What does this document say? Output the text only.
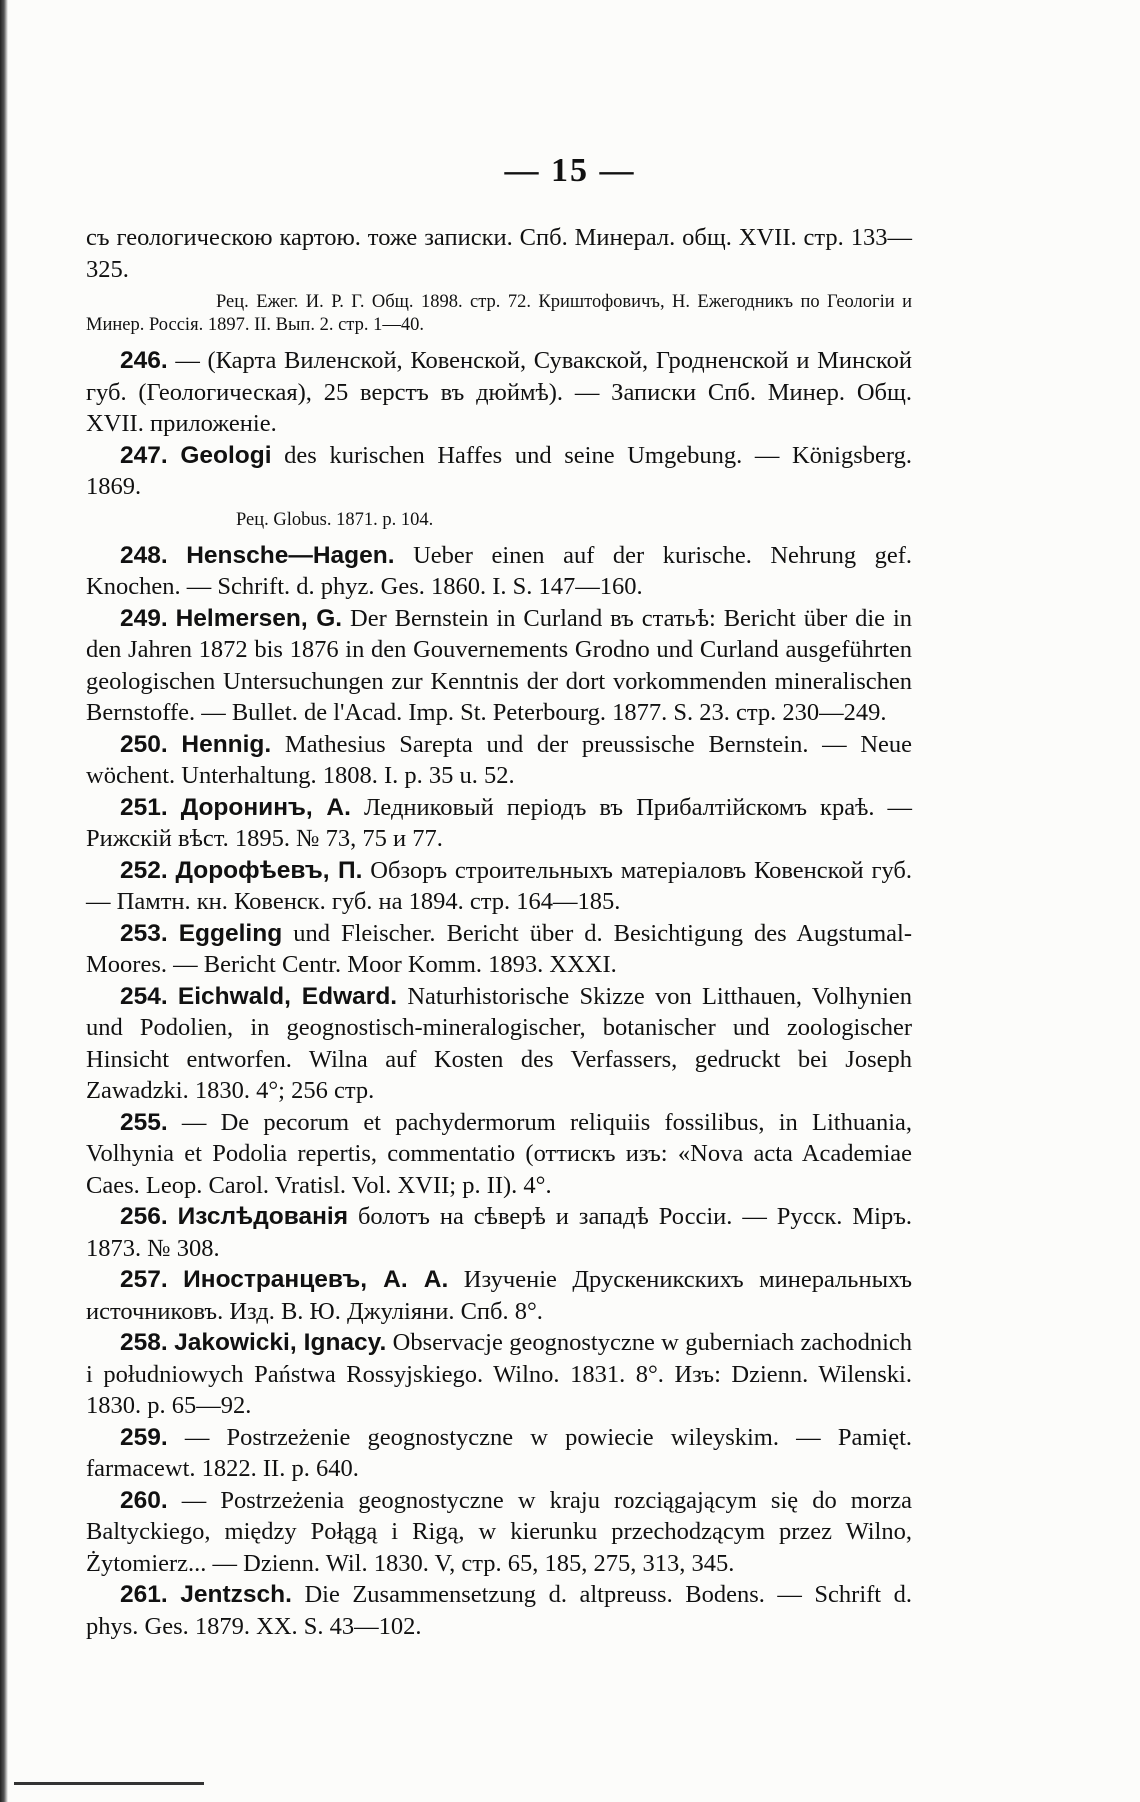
— 15 —

съ геологическою картою. тоже записки. Спб. Минерал. общ. XVII. стр. 133—325.

Рец. Ежег. И. Р. Г. Общ. 1898. стр. 72. Криштофовичъ, Н. Ежегодникъ по Геологіи и Минер. Россія. 1897. II. Вып. 2. стр. 1—40.

246. — (Карта Виленской, Ковенской, Сувакской, Гродненской и Минской губ. (Геологическая), 25 верстъ въ дюймѣ). — Записки Спб. Минер. Общ. XVII. приложеніе.

247. Geologi des kurischen Haffes und seine Umgebung. — Königsberg. 1869.

Рец. Globus. 1871. p. 104.

248. Hensche—Hagen. Ueber einen auf der kurische. Nehrung gef. Knochen. — Schrift. d. phyz. Ges. 1860. I. S. 147—160.

249. Helmersen, G. Der Bernstein in Curland въ статьѣ: Bericht über die in den Jahren 1872 bis 1876 in den Gouvernements Grodno und Curland ausgeführten geologischen Untersuchungen zur Kenntnis der dort vorkommenden mineralischen Bernstoffe. — Bullet. de l'Acad. Imp. St. Peterbourg. 1877. S. 23. стр. 230—249.

250. Hennig. Mathesius Sarepta und der preussische Bernstein. — Neue wöchent. Unterhaltung. 1808. I. p. 35 u. 52.

251. Доронинъ, А. Ледниковый періодъ въ Прибалтійскомъ краѣ. — Рижскій вѣст. 1895. № 73, 75 и 77.

252. Дорофѣевъ, П. Обзоръ строительныхъ матеріаловъ Ковенской губ. — Памтн. кн. Ковенск. губ. на 1894. стр. 164—185.

253. Eggeling und Fleischer. Bericht über d. Besichtigung des Augstumal-Moores. — Bericht Centr. Moor Komm. 1893. XXXI.

254. Eichwald, Edward. Naturhistorische Skizze von Litthauen, Volhynien und Podolien, in geognostisch-mineralogischer, botanischer und zoologischer Hinsicht entworfen. Wilna auf Kosten des Verfassers, gedruckt bei Joseph Zawadzki. 1830. 4°; 256 стр.

255. — De pecorum et pachydermorum reliquiis fossilibus, in Lithuania, Volhynia et Podolia repertis, commentatio (оттискъ изъ: «Nova acta Academiae Caes. Leop. Carol. Vratisl. Vol. XVII; p. II). 4°.

256. Изслѣдованія болотъ на сѣверѣ и западѣ Россіи. — Русск. Міръ. 1873. № 308.

257. Иностранцевъ, А. А. Изученіе Друскеникскихъ минеральныхъ источниковъ. Изд. В. Ю. Джуліяни. Спб. 8°.

258. Jakowicki, Ignacy. Observacje geognostyczne w guberniach zachodnich i południowych Państwa Rossyjskiego. Wilno. 1831. 8°. Изъ: Dzienn. Wilenski. 1830. p. 65—92.

259. — Postrzeżenie geognostyczne w powiecie wileyskim. — Pamięt. farmacewt. 1822. II. p. 640.

260. — Postrzeżenia geognostyczne w kraju rozciągającym się do morza Baltyckiego, między Połągą i Rigą, w kierunku przechodzącym przez Wilno, Żytomierz... — Dzienn. Wil. 1830. V, стр. 65, 185, 275, 313, 345.

261. Jentzsch. Die Zusammensetzung d. altpreuss. Bodens. — Schrift d. phys. Ges. 1879. XX. S. 43—102.
